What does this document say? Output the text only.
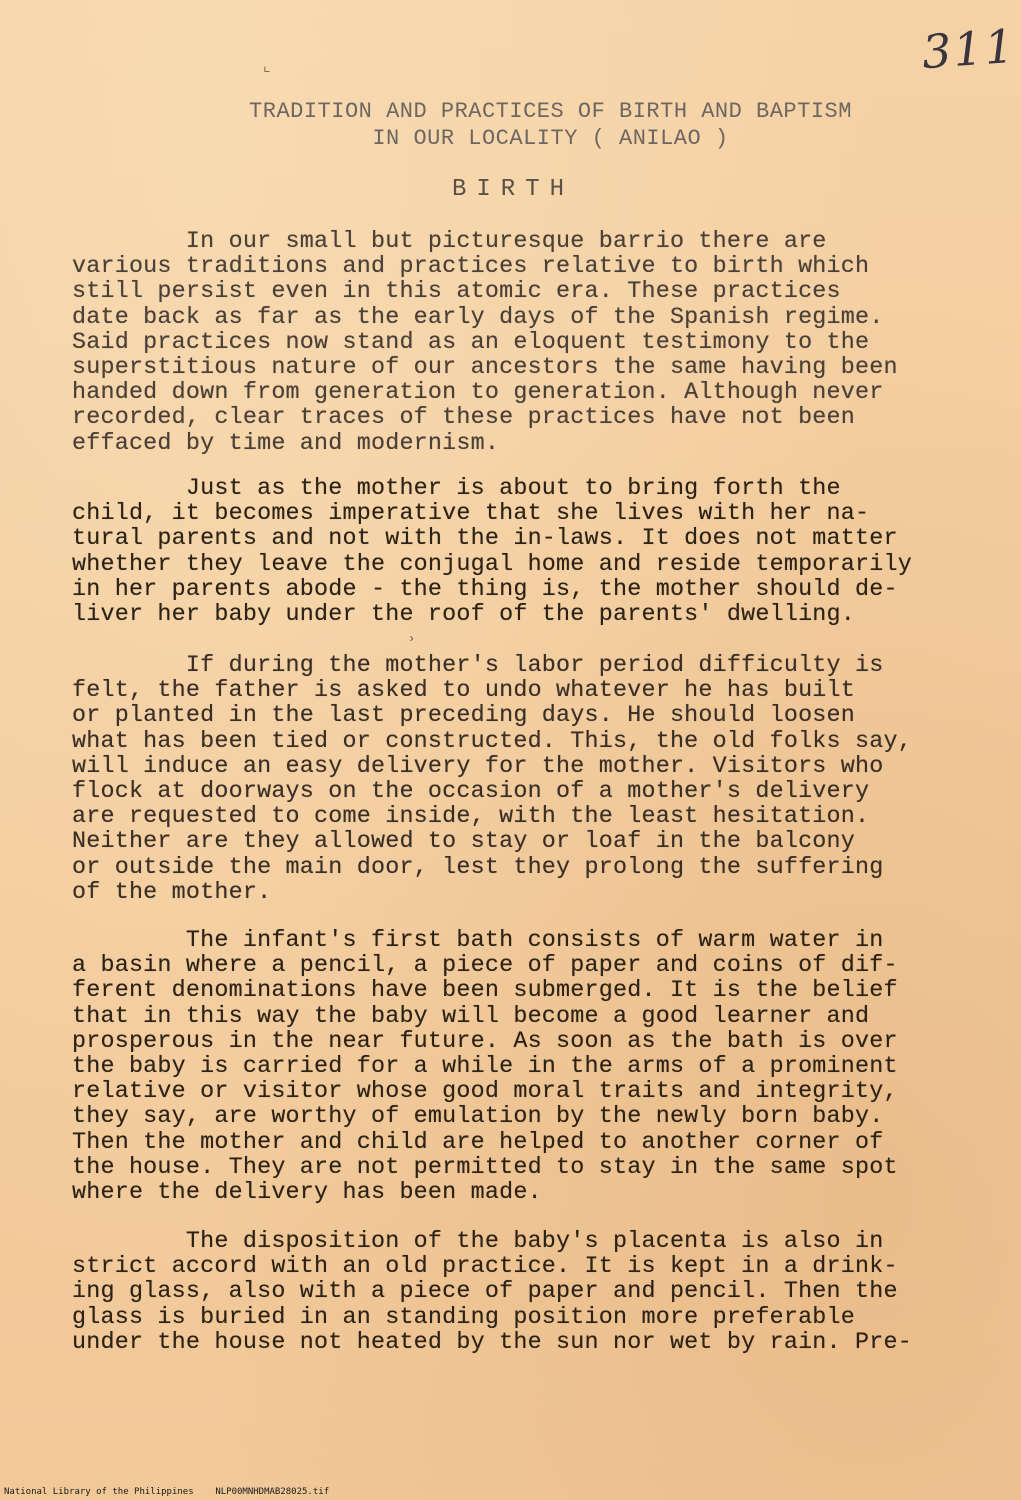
311
⌞
TRADITION AND PRACTICES OF BIRTH AND BAPTISM
IN OUR LOCALITY ( ANILAO )
BIRTH
In our small but picturesque barrio there are
various traditions and practices relative to birth which
still persist even in this atomic era. These practices
date back as far as the early days of the Spanish regime.
Said practices now stand as an eloquent testimony to the
superstitious nature of our ancestors the same having been
handed down from generation to generation. Although never
recorded, clear traces of these practices have not been
effaced by time and modernism.
Just as the mother is about to bring forth the
child, it becomes imperative that she lives with her na-
tural parents and not with the in-laws. It does not matter
whether they leave the conjugal home and reside temporarily
in her parents abode - the thing is, the mother should de-
liver her baby under the roof of the parents' dwelling.
›
If during the mother's labor period difficulty is
felt, the father is asked to undo whatever he has built
or planted in the last preceding days. He should loosen
what has been tied or constructed. This, the old folks say,
will induce an easy delivery for the mother. Visitors who
flock at doorways on the occasion of a mother's delivery
are requested to come inside, with the least hesitation.
Neither are they allowed to stay or loaf in the balcony
or outside the main door, lest they prolong the suffering
of the mother.
The infant's first bath consists of warm water in
a basin where a pencil, a piece of paper and coins of dif-
ferent denominations have been submerged. It is the belief
that in this way the baby will become a good learner and
prosperous in the near future. As soon as the bath is over
the baby is carried for a while in the arms of a prominent
relative or visitor whose good moral traits and integrity,
they say, are worthy of emulation by the newly born baby.
Then the mother and child are helped to another corner of
the house. They are not permitted to stay in the same spot
where the delivery has been made.
The disposition of the baby's placenta is also in
strict accord with an old practice. It is kept in a drink-
ing glass, also with a piece of paper and pencil. Then the
glass is buried in an standing position more preferable
under the house not heated by the sun nor wet by rain. Pre-
National Library of the Philippines    NLP00MNHDMAB28025.tif
